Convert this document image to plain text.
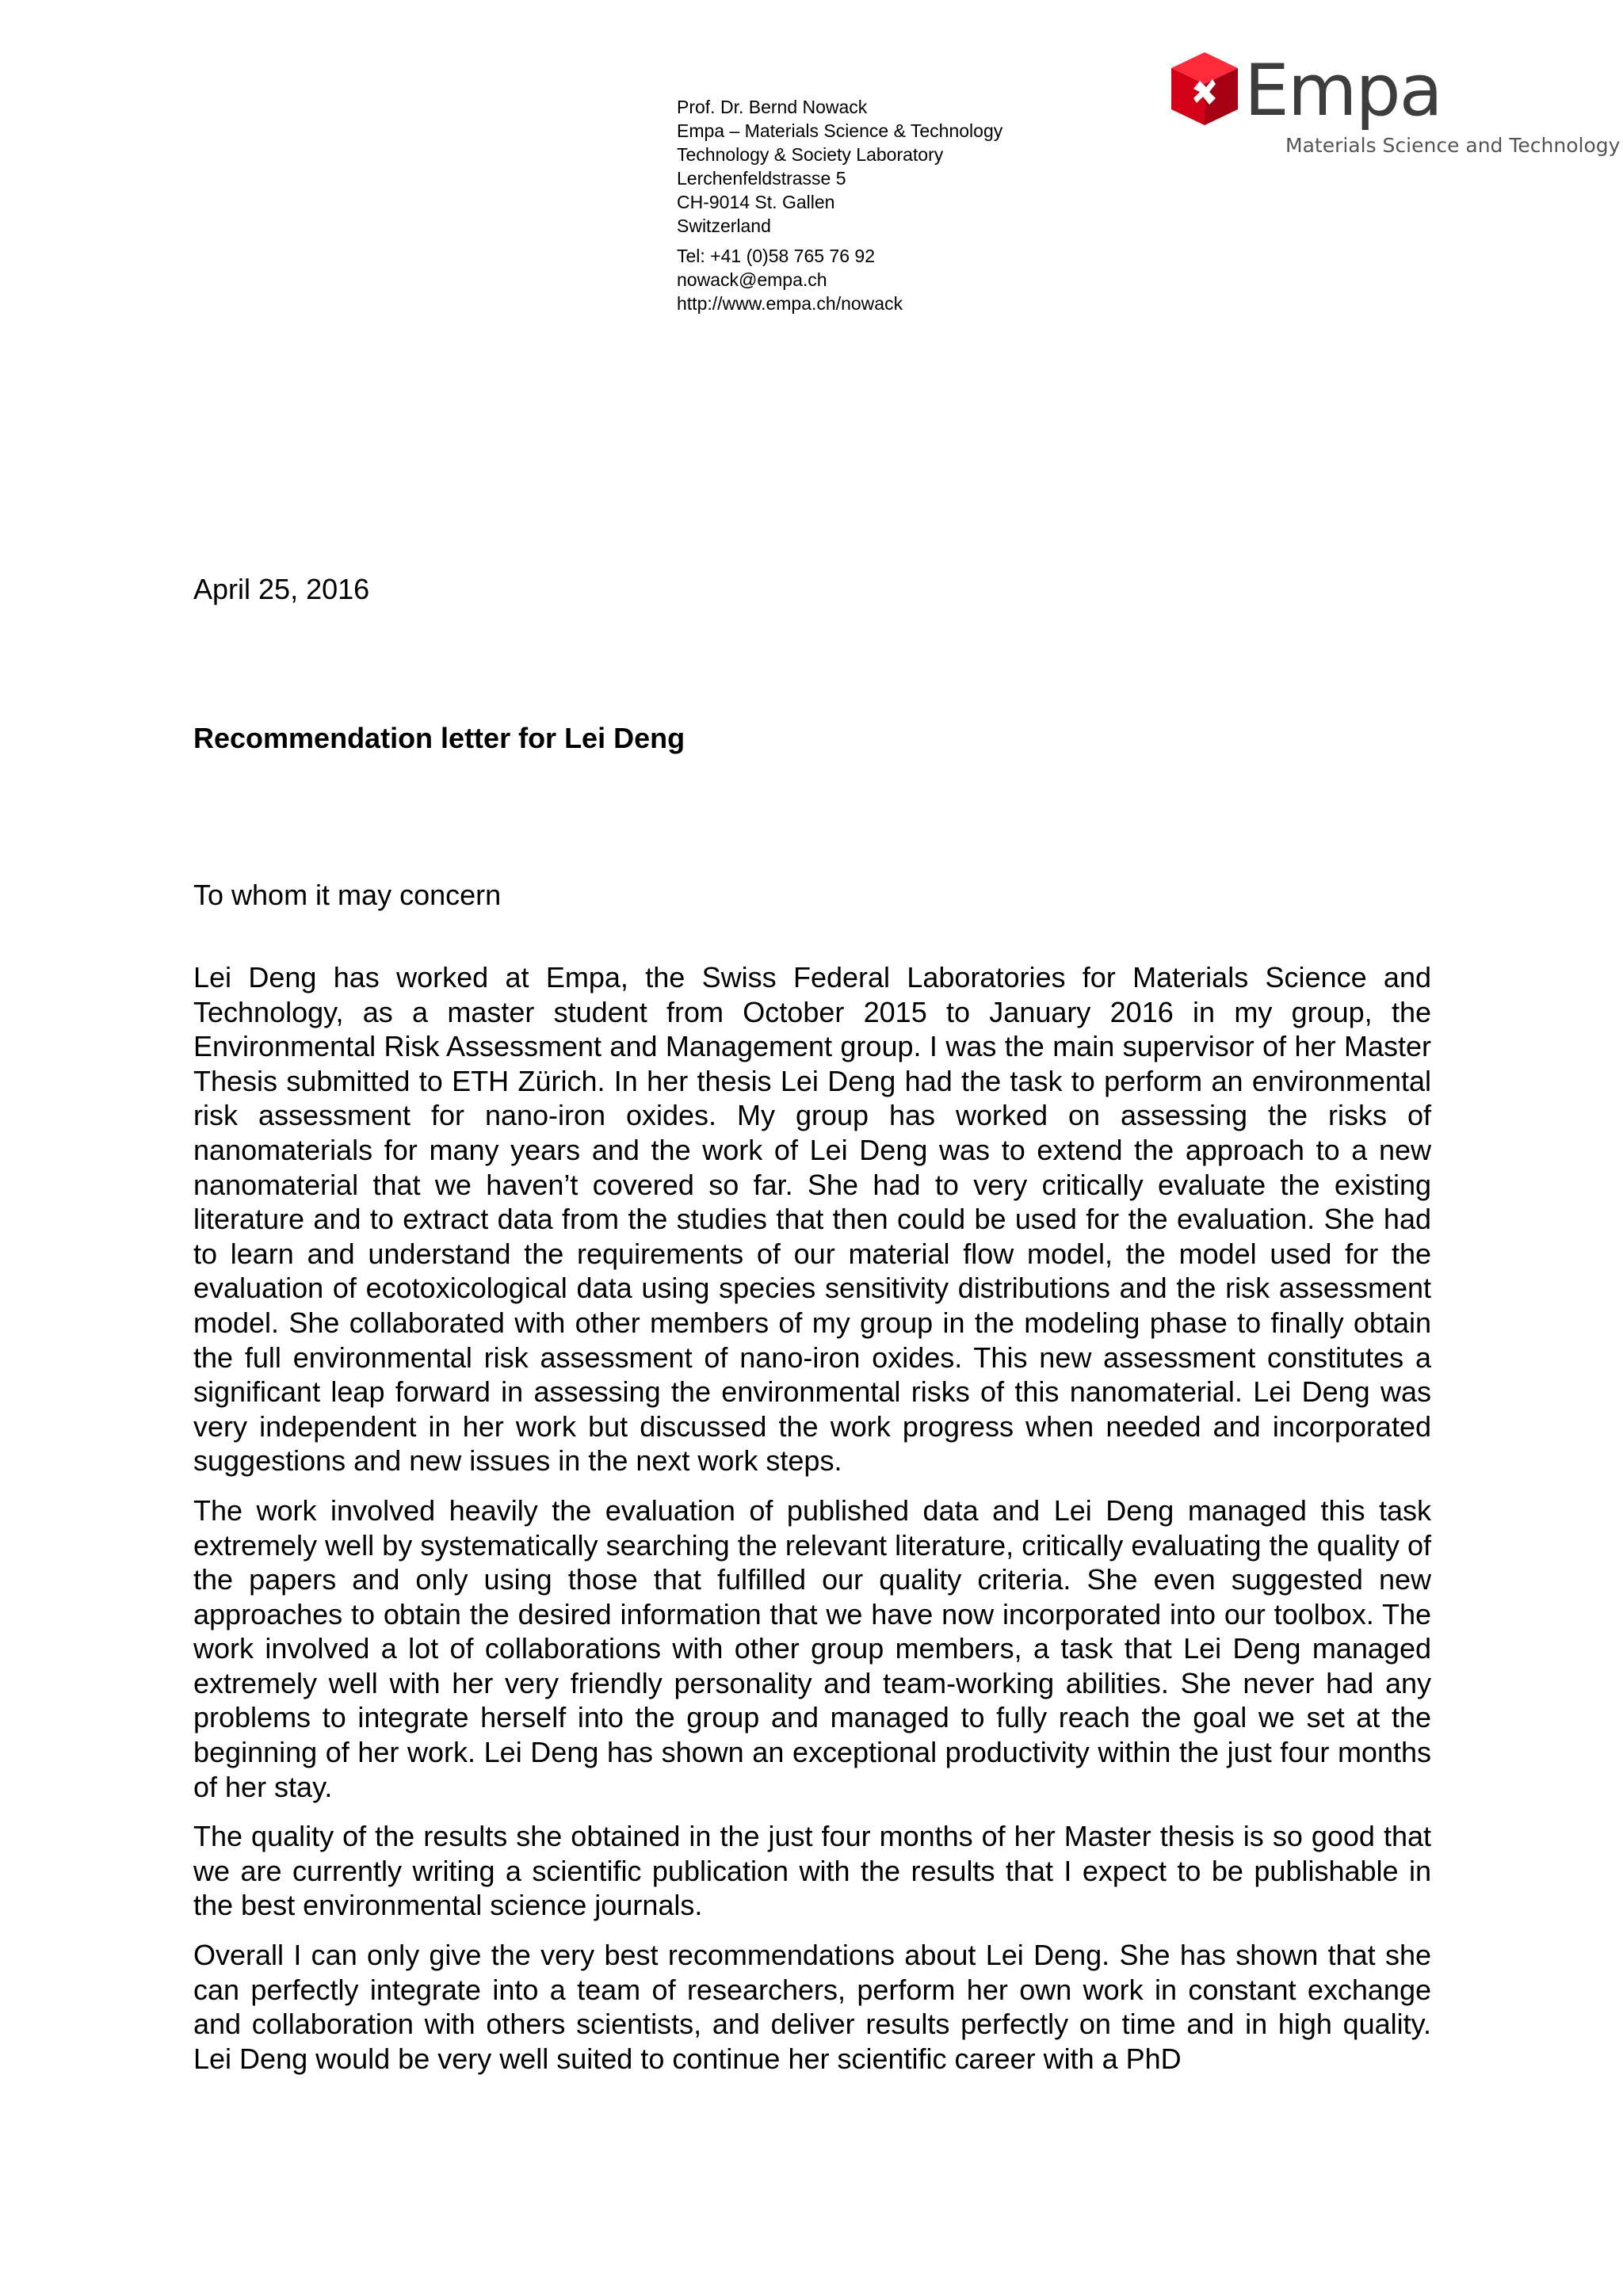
Empa
Materials Science and Technology
Prof. Dr. Bernd Nowack
Empa – Materials Science & Technology
Technology & Society Laboratory
Lerchenfeldstrasse 5
CH-9014 St. Gallen
Switzerland
Tel: +41 (0)58 765 76 92
nowack@empa.ch
http://www.empa.ch/nowack
April 25, 2016
Recommendation letter for Lei Deng
To whom it may concern

Lei Deng has worked at Empa, the Swiss Federal Laboratories for Materials Science and Technology, as a master student from October 2015 to January 2016 in my group, the Environmental Risk Assessment and Management group. I was the main supervisor of her Master Thesis submitted to ETH Zürich. In her thesis Lei Deng had the task to perform an environmental risk assessment for nano-iron oxides. My group has worked on assessing the risks of nanomaterials for many years and the work of Lei Deng was to extend the approach to a new nanomaterial that we haven’t covered so far. She had to very critically evaluate the existing literature and to extract data from the studies that then could be used for the evaluation. She had to learn and understand the requirements of our material flow model, the model used for the evaluation of ecotoxicological data using species sensitivity distributions and the risk assessment model. She collaborated with other members of my group in the modeling phase to finally obtain the full environmental risk assessment of nano-iron oxides. This new assessment constitutes a significant leap forward in assessing the environmental risks of this nanomaterial. Lei Deng was very independent in her work but discussed the work progress when needed and incorporated suggestions and new issues in the next work steps.

The work involved heavily the evaluation of published data and Lei Deng managed this task extremely well by systematically searching the relevant literature, critically evaluating the quality of the papers and only using those that fulfilled our quality criteria. She even suggested new approaches to obtain the desired information that we have now incorporated into our toolbox. The work involved a lot of collaborations with other group members, a task that Lei Deng managed extremely well with her very friendly personality and team-working abilities. She never had any problems to integrate herself into the group and managed to fully reach the goal we set at the beginning of her work. Lei Deng has shown an exceptional productivity within the just four months of her stay.

The quality of the results she obtained in the just four months of her Master thesis is so good that we are currently writing a scientific publication with the results that I expect to be publishable in the best environmental science journals.

Overall I can only give the very best recommendations about Lei Deng. She has shown that she can perfectly integrate into a team of researchers, perform her own work in constant exchange and collaboration with others scientists, and deliver results perfectly on time and in high quality. Lei Deng would be very well suited to continue her scientific career with a PhD
